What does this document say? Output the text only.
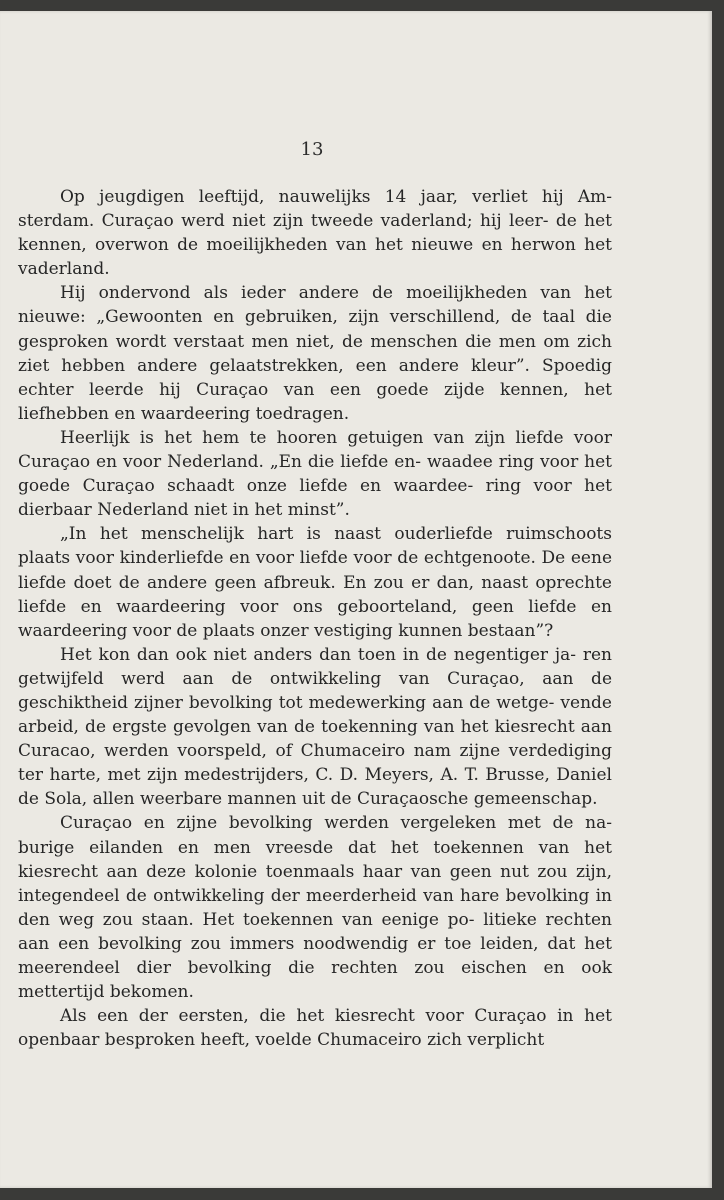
13

Op jeugdigen leeftijd, nauwelijks 14 jaar, verliet hij Am- sterdam. Curaçao werd niet zijn tweede vaderland; hij leer- de het kennen, overwon de moeilijkheden van het nieuwe en herwon het vaderland.

Hij ondervond als ieder andere de moeilijkheden van het nieuwe: „Gewoonten en gebruiken, zijn verschillend, de taal die gesproken wordt verstaat men niet, de menschen die men om zich ziet hebben andere gelaatstrekken, een andere kleur”. Spoedig echter leerde hij Curaçao van een goede zijde kennen, het liefhebben en waardeering toedragen.

Heerlijk is het hem te hooren getuigen van zijn liefde voor Curaçao en voor Nederland. „En die liefde en- waadee ring voor het goede Curaçao schaadt onze liefde en waardee- ring voor het dierbaar Nederland niet in het minst”.

„In het menschelijk hart is naast ouderliefde ruimschoots plaats voor kinderliefde en voor liefde voor de echtgenoote. De eene liefde doet de andere geen afbreuk. En zou er dan, naast oprechte liefde en waardeering voor ons geboorteland, geen liefde en waardeering voor de plaats onzer vestiging kunnen bestaan”?

Het kon dan ook niet anders dan toen in de negentiger ja- ren getwijfeld werd aan de ontwikkeling van Curaçao, aan de geschiktheid zijner bevolking tot medewerking aan de wetge- vende arbeid, de ergste gevolgen van de toekenning van het kiesrecht aan Curacao, werden voorspeld, of Chumaceiro nam zijne verdediging ter harte, met zijn medestrijders, C. D. Meyers, A. T. Brusse, Daniel de Sola, allen weerbare mannen uit de Curaçaosche gemeenschap.

Curaçao en zijne bevolking werden vergeleken met de na- burige eilanden en men vreesde dat het toekennen van het kiesrecht aan deze kolonie toenmaals haar van geen nut zou zijn, integendeel de ontwikkeling der meerderheid van hare bevolking in den weg zou staan. Het toekennen van eenige po- litieke rechten aan een bevolking zou immers noodwendig er toe leiden, dat het meerendeel dier bevolking die rechten zou eischen en ook mettertijd bekomen.

Als een der eersten, die het kiesrecht voor Curaçao in het openbaar besproken heeft, voelde Chumaceiro zich verplicht
